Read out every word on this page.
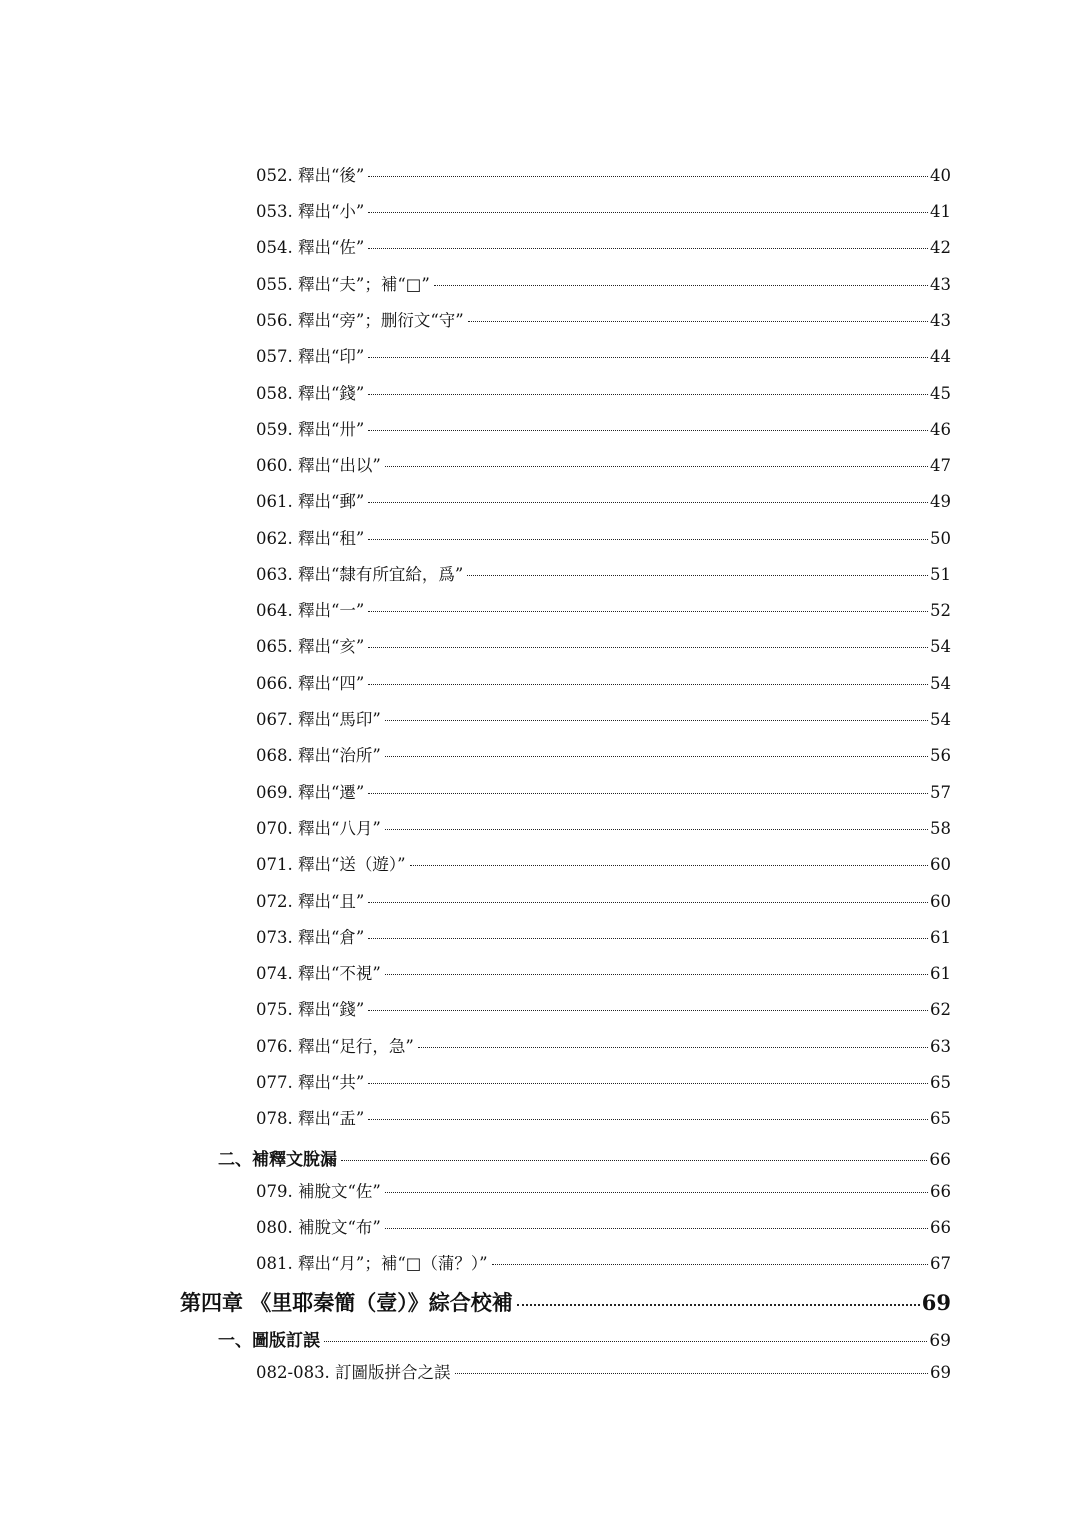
052. 釋出“後”	40
053. 釋出“小”	41
054. 釋出“佐”	42
055. 釋出“夫”；補“□”	43
056. 釋出“旁”；删衍文“守”	43
057. 釋出“印”	44
058. 釋出“錢”	45
059. 釋出“卅”	46
060. 釋出“出以”	47
061. 釋出“郵”	49
062. 釋出“租”	50
063. 釋出“隸有所宜給，爲”	51
064. 釋出“一”	52
065. 釋出“亥”	54
066. 釋出“四”	54
067. 釋出“馬印”	54
068. 釋出“治所”	56
069. 釋出“遷”	57
070. 釋出“八月”	58
071. 釋出“送（遊）”	60
072. 釋出“且”	60
073. 釋出“倉”	61
074. 釋出“不視”	61
075. 釋出“錢”	62
076. 釋出“足行，急”	63
077. 釋出“共”	65
078. 釋出“盂”	65
二、補釋文脫漏	66
079. 補脫文“佐”	66
080. 補脫文“布”	66
081. 釋出“月”；補“□（蒲？）”	67
第四章 《里耶秦簡（壹）》綜合校補	69
一、圖版訂誤	69
082-083. 訂圖版拼合之誤	69
